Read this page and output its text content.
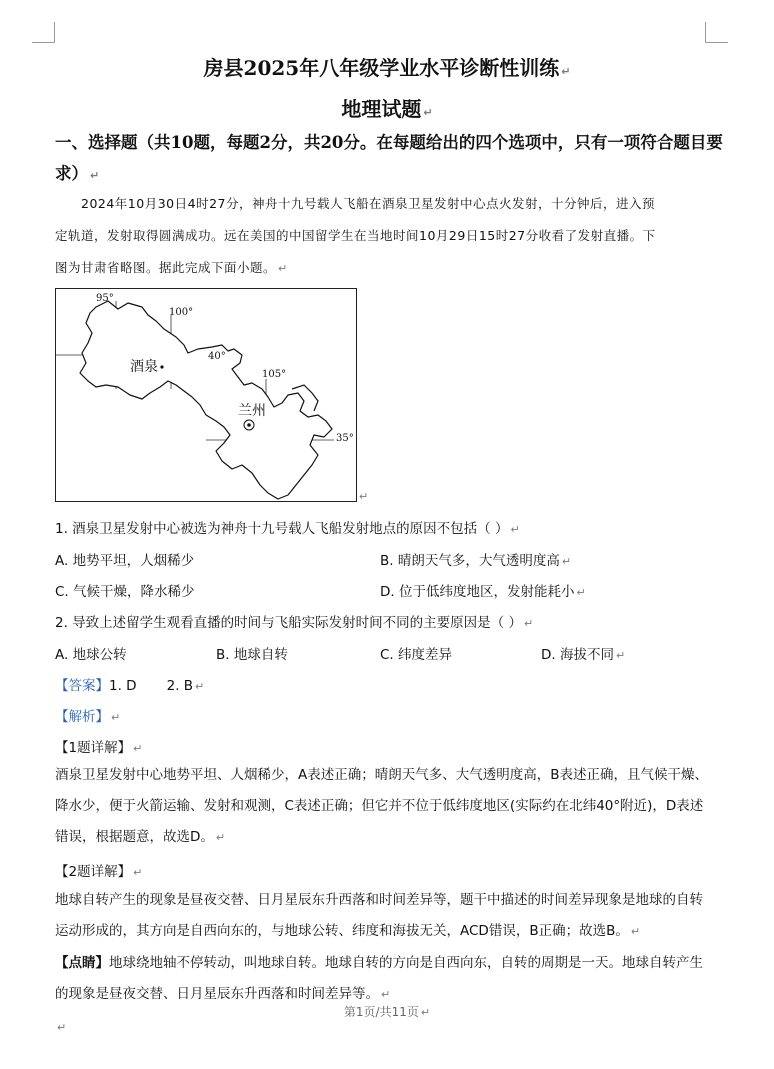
房县2025年八年级学业水平诊断性训练 ↵
地理试题 ↵
一、选择题（共10题，每题2分，共20分。在每题给出的四个选项中，只有一项符合题目要
求） ↵
2024年10月30日4时27分，神舟十九号载人飞船在酒泉卫星发射中心点火发射，十分钟后，进入预
定轨道，发射取得圆满成功。远在美国的中国留学生在当地时间10月29日15时27分收看了发射直播。下
图为甘肃省略图。据此完成下面小题。 ↵
95°
100°
40°
105°
35°
酒泉
兰州
↵
1. 酒泉卫星发射中心被选为神舟十九号载人飞船发射地点的原因不包括（ ） ↵
A. 地势平坦，人烟稀少	B. 晴朗天气多，大气透明度高 ↵
C. 气候干燥，降水稀少	D. 位于低纬度地区，发射能耗小 ↵
2. 导致上述留学生观看直播的时间与飞船实际发射时间不同的主要原因是（ ） ↵
A. 地球公转	B. 地球自转	C. 纬度差异	D. 海拔不同 ↵
【答案】1. D       2. B ↵
【解析】 ↵
【1题详解】 ↵
酒泉卫星发射中心地势平坦、人烟稀少，A表述正确；晴朗天气多、大气透明度高，B表述正确，且气候干燥、降水少，便于火箭运输、发射和观测，C表述正确；但它并不位于低纬度地区(实际约在北纬40°附近)，D表述错误，根据题意，故选D。 ↵
【2题详解】 ↵
地球自转产生的现象是昼夜交替、日月星辰东升西落和时间差异等，题干中描述的时间差异现象是地球的自转运动形成的，其方向是自西向东的，与地球公转、纬度和海拔无关，ACD错误，B正确；故选B。 ↵
【点睛】地球绕地轴不停转动，叫地球自转。地球自转的方向是自西向东，自转的周期是一天。地球自转产生的现象是昼夜交替、日月星辰东升西落和时间差异等。 ↵
第1页/共11页 ↵
↵
